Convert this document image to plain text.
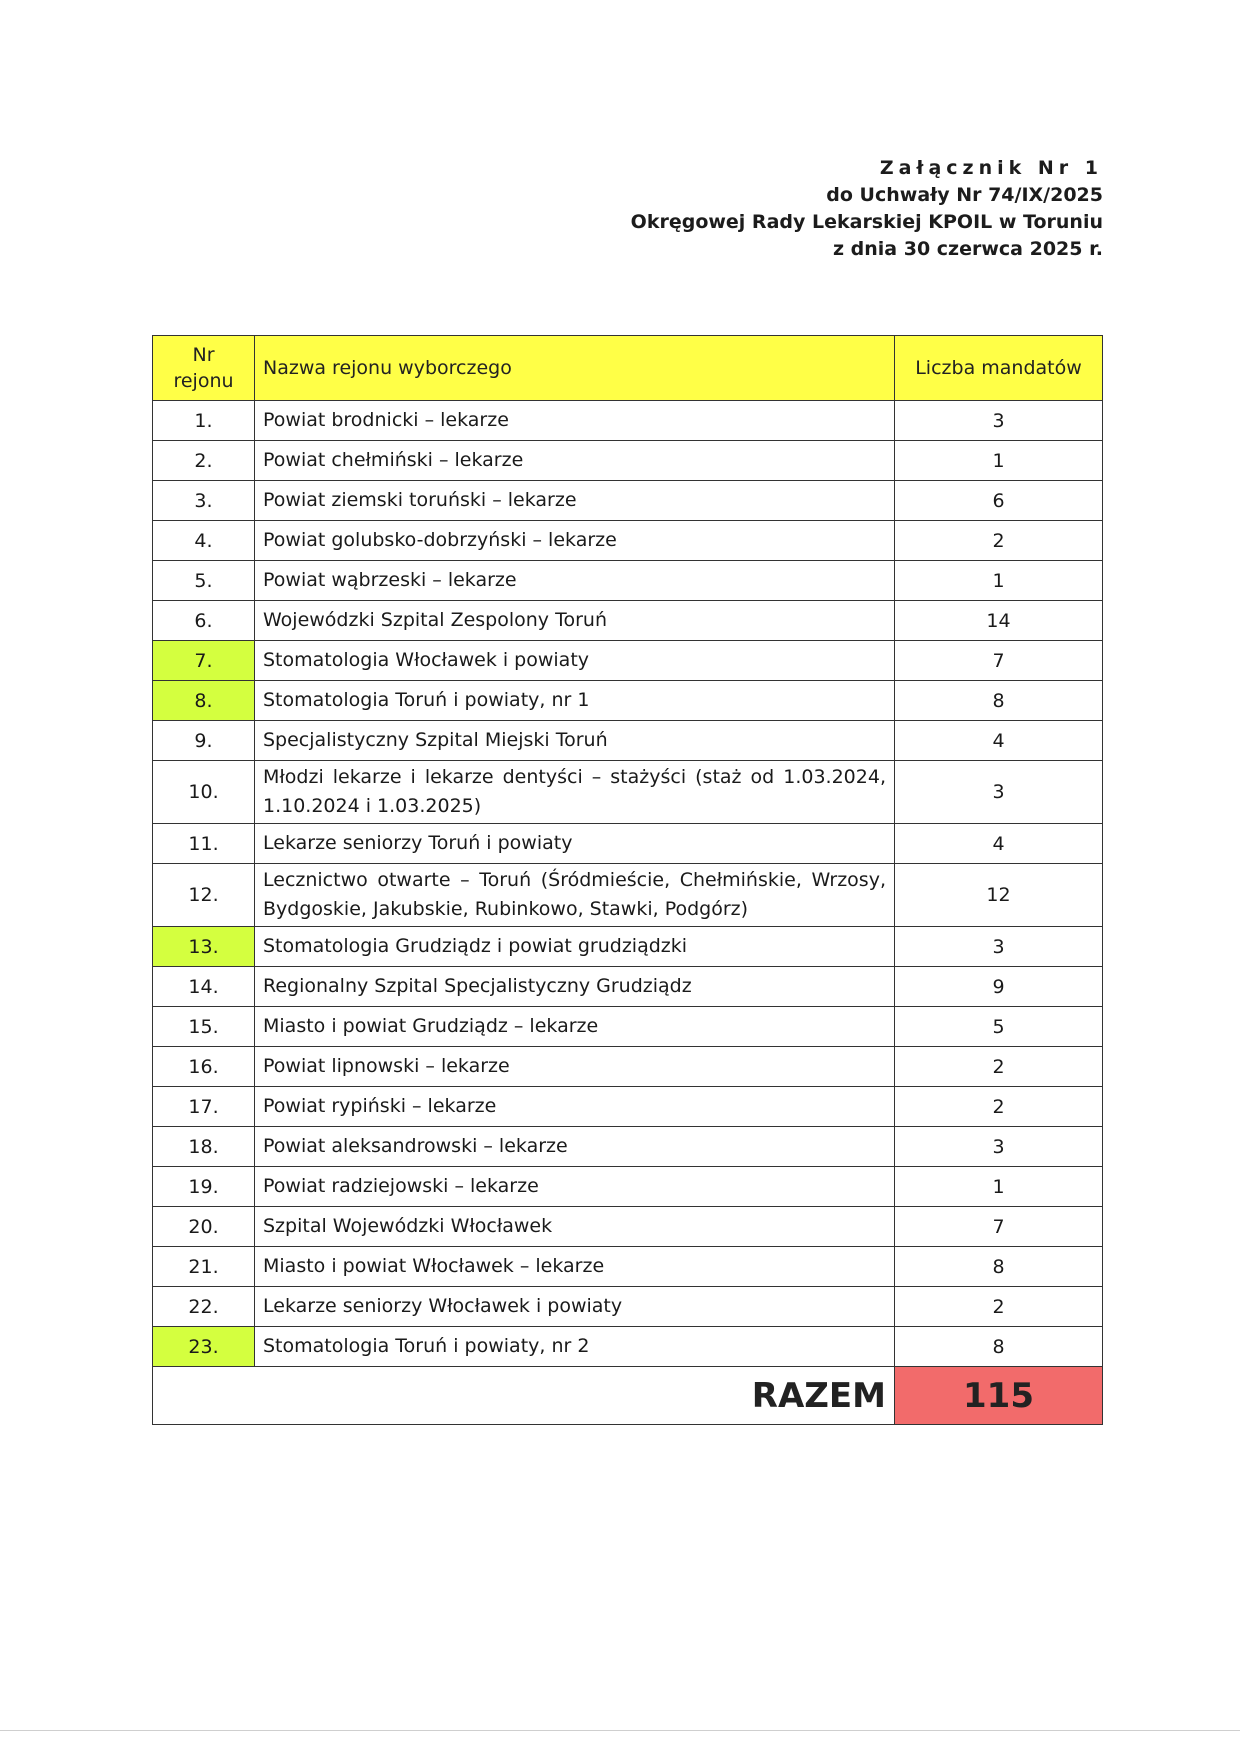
Załącznik Nr 1
do Uchwały Nr 74/IX/2025
Okręgowej Rady Lekarskiej KPOIL w Toruniu
z dnia 30 czerwca 2025 r.
Nr
rejonu	Nazwa rejonu wyborczego	Liczba mandatów
1.	Powiat brodnicki – lekarze	3
2.	Powiat chełmiński – lekarze	1
3.	Powiat ziemski toruński – lekarze	6
4.	Powiat golubsko-dobrzyński – lekarze	2
5.	Powiat wąbrzeski – lekarze	1
6.	Wojewódzki Szpital Zespolony Toruń	14
7.	Stomatologia Włocławek i powiaty	7
8.	Stomatologia Toruń i powiaty, nr 1	8
9.	Specjalistyczny Szpital Miejski Toruń	4
10.	Młodzi lekarze i lekarze dentyści – stażyści (staż od 1.03.2024, 1.10.2024 i 1.03.2025)	3
11.	Lekarze seniorzy Toruń i powiaty	4
12.	Lecznictwo otwarte – Toruń (Śródmieście, Chełmińskie, Wrzosy, Bydgoskie, Jakubskie, Rubinkowo, Stawki, Podgórz)	12
13.	Stomatologia Grudziądz i powiat grudziądzki	3
14.	Regionalny Szpital Specjalistyczny Grudziądz	9
15.	Miasto i powiat Grudziądz – lekarze	5
16.	Powiat lipnowski – lekarze	2
17.	Powiat rypiński – lekarze	2
18.	Powiat aleksandrowski – lekarze	3
19.	Powiat radziejowski – lekarze	1
20.	Szpital Wojewódzki Włocławek	7
21.	Miasto i powiat Włocławek – lekarze	8
22.	Lekarze seniorzy Włocławek i powiaty	2
23.	Stomatologia Toruń i powiaty, nr 2	8
RAZEM		115
